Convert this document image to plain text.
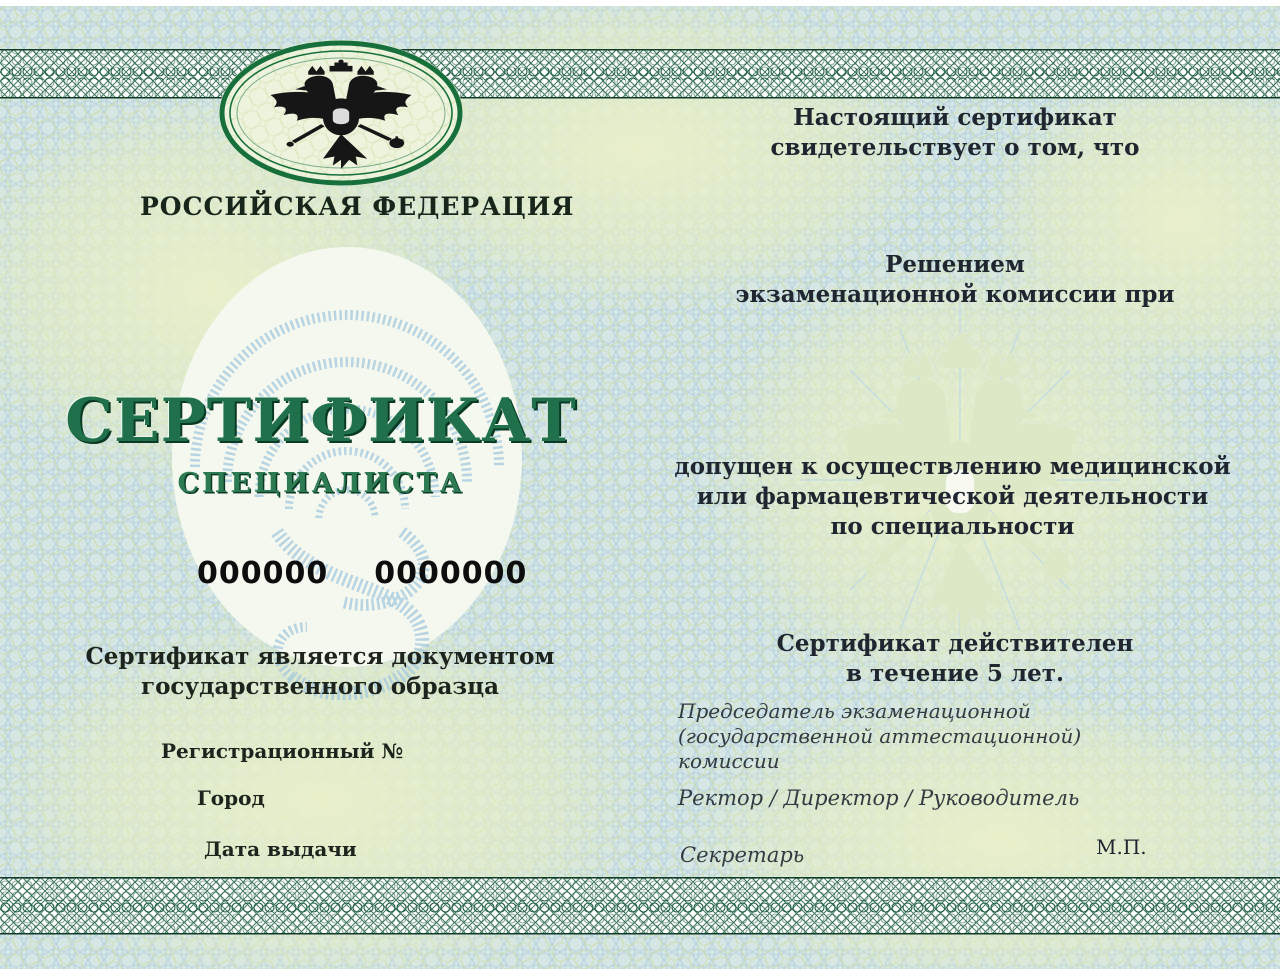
РОССИЙСКАЯ ФЕДЕРАЦИЯ
СЕРТИФИКАТ
СПЕЦИАЛИСТА
000000 0000000
Сертификат является документом
государственного образца
Регистрационный №
Город
Дата выдачи
Настоящий сертификат
свидетельствует о том, что
Решением
экзаменационной комиссии при
допущен к осуществлению медицинской
или фармацевтической деятельности
по специальности
Сертификат действителен
в течение 5 лет.
Председатель экзаменационной
(государственной аттестационной)
комиссии
Ректор / Директор / Руководитель
Секретарь	М.П.
